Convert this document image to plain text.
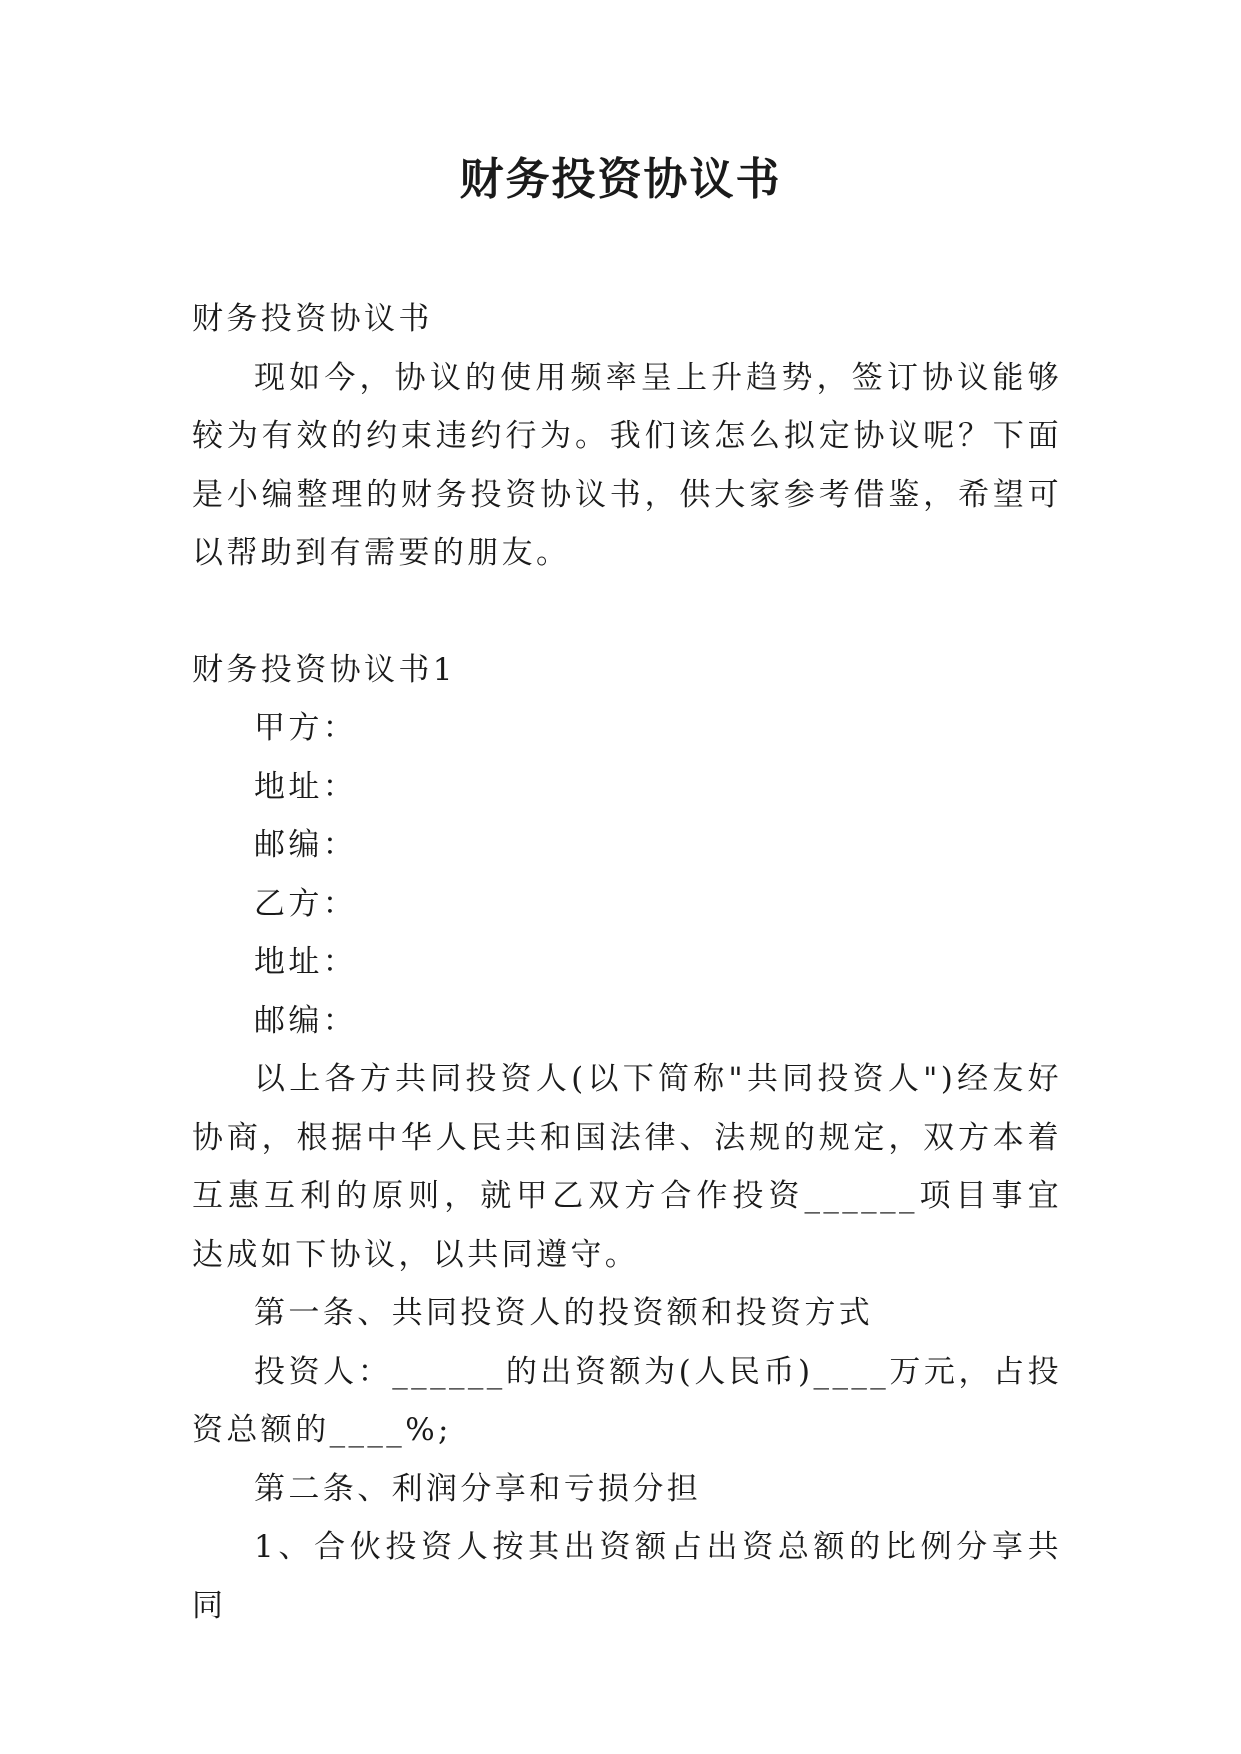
财务投资协议书

财务投资协议书

现如今，协议的使用频率呈上升趋势，签订协议能够较为有效的约束违约行为。我们该怎么拟定协议呢？下面是小编整理的财务投资协议书，供大家参考借鉴，希望可以帮助到有需要的朋友。

财务投资协议书1

甲方：

地址：

邮编：

乙方：

地址：

邮编：

以上各方共同投资人(以下简称"共同投资人")经友好协商，根据中华人民共和国法律、法规的规定，双方本着互惠互利的原则，就甲乙双方合作投资______项目事宜达成如下协议，以共同遵守。

第一条、共同投资人的投资额和投资方式

投资人：______的出资额为(人民币)____万元，占投资总额的____%;

第二条、利润分享和亏损分担

1、合伙投资人按其出资额占出资总额的比例分享共同
